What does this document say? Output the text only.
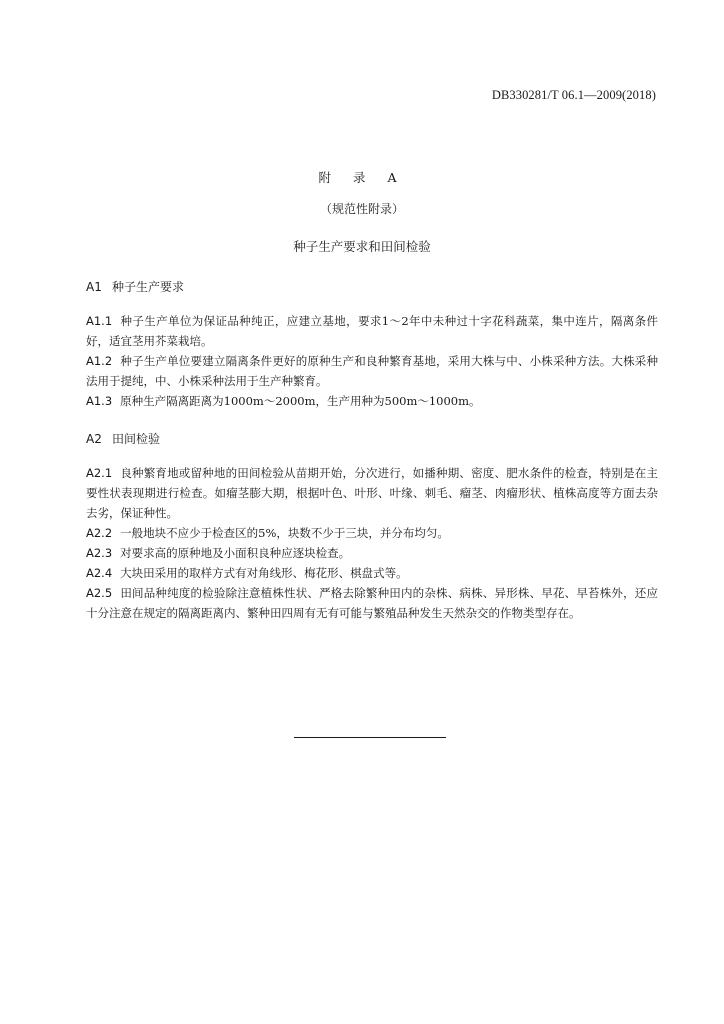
DB330281/T 06.1—2009(2018)
附 录 A
（规范性附录）
种子生产要求和田间检验
A1 种子生产要求

A1.1 种子生产单位为保证品种纯正，应建立基地，要求1～2年中未种过十字花科蔬菜，集中连片，隔离条件好，适宜茎用芥菜栽培。

A1.2 种子生产单位要建立隔离条件更好的原种生产和良种繁育基地，采用大株与中、小株采种方法。大株采种法用于提纯，中、小株采种法用于生产种繁育。

A1.3 原种生产隔离距离为1000m～2000m，生产用种为500m～1000m。

A2 田间检验

A2.1 良种繁育地或留种地的田间检验从苗期开始，分次进行，如播种期、密度、肥水条件的检查，特别是在主要性状表现期进行检查。如瘤茎膨大期，根据叶色、叶形、叶缘、刺毛、瘤茎、肉瘤形状、植株高度等方面去杂去劣，保证种性。

A2.2 一般地块不应少于检查区的5%，块数不少于三块，并分布均匀。

A2.3 对要求高的原种地及小面积良种应逐块检查。

A2.4 大块田采用的取样方式有对角线形、梅花形、棋盘式等。

A2.5 田间品种纯度的检验除注意植株性状、严格去除繁种田内的杂株、病株、异形株、早花、早苔株外，还应十分注意在规定的隔离距离内、繁种田四周有无有可能与繁殖品种发生天然杂交的作物类型存在。
